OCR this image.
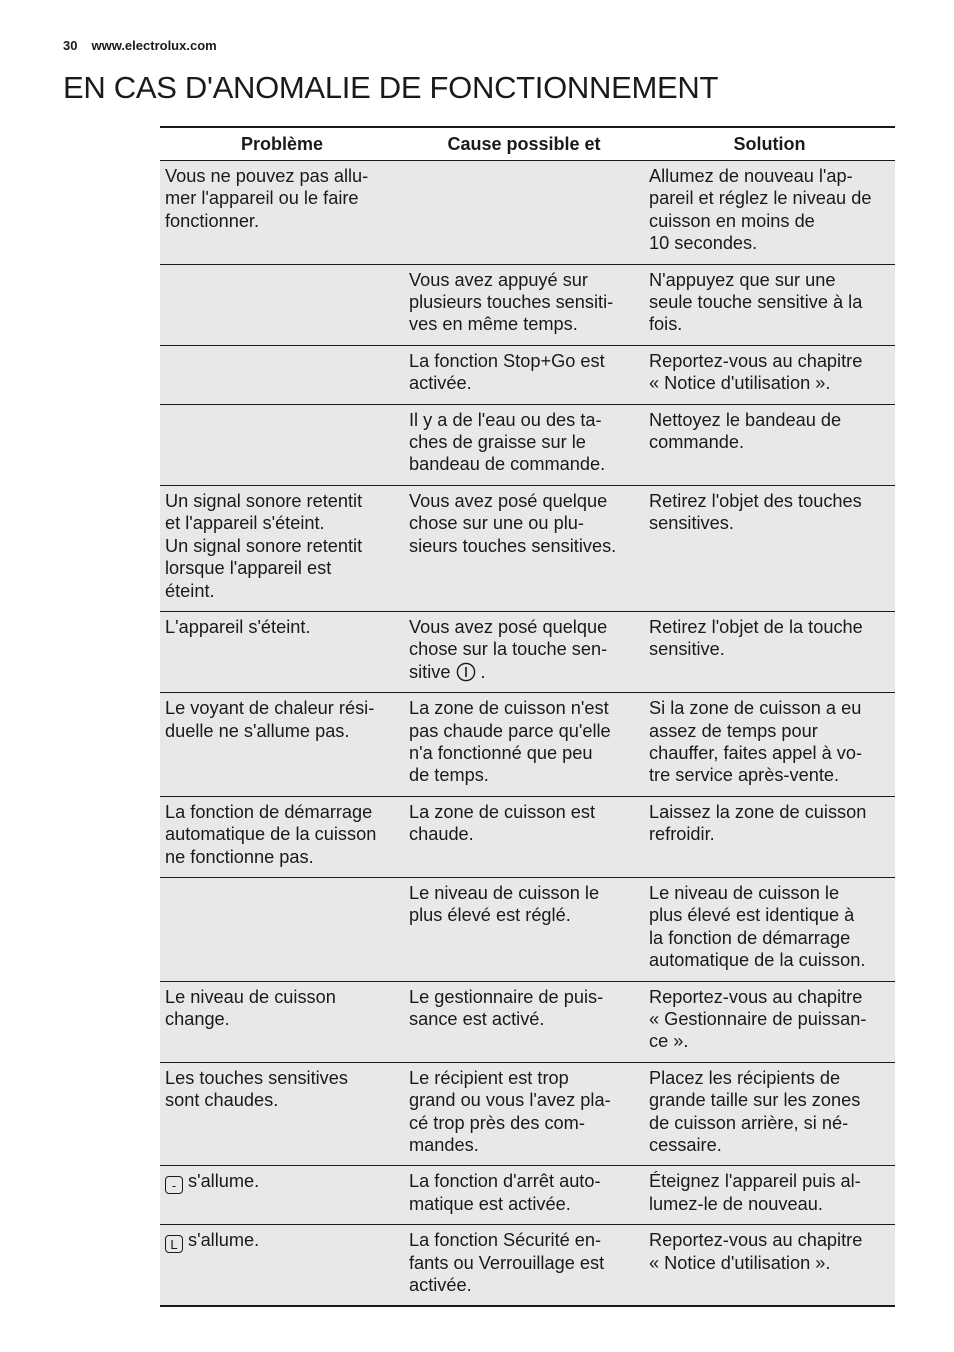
30 www.electrolux.com
EN CAS D'ANOMALIE DE FONCTIONNEMENT
Problème	Cause possible et	Solution
Vous ne pouvez pas allu-
mer l'appareil ou le faire
fonctionner.		Allumez de nouveau l'ap-
pareil et réglez le niveau de
cuisson en moins de
10 secondes.
	Vous avez appuyé sur
plusieurs touches sensiti-
ves en même temps.	N'appuyez que sur une
seule touche sensitive à la
fois.
	La fonction Stop+Go est
activée.	Reportez-vous au chapitre
« Notice d'utilisation ».
	Il y a de l'eau ou des ta-
ches de graisse sur le
bandeau de commande.	Nettoyez le bandeau de
commande.
Un signal sonore retentit
et l'appareil s'éteint.
Un signal sonore retentit
lorsque l'appareil est
éteint.	Vous avez posé quelque
chose sur une ou plu-
sieurs touches sensitives.	Retirez l'objet des touches
sensitives.
L'appareil s'éteint.	Vous avez posé quelque
chose sur la touche sen-
sitive  .	Retirez l'objet de la touche
sensitive.
Le voyant de chaleur rési-
duelle ne s'allume pas.	La zone de cuisson n'est
pas chaude parce qu'elle
n'a fonctionné que peu
de temps.	Si la zone de cuisson a eu
assez de temps pour
chauffer, faites appel à vo-
tre service après-vente.
La fonction de démarrage
automatique de la cuisson
ne fonctionne pas.	La zone de cuisson est
chaude.	Laissez la zone de cuisson
refroidir.
	Le niveau de cuisson le
plus élevé est réglé.	Le niveau de cuisson le
plus élevé est identique à
la fonction de démarrage
automatique de la cuisson.
Le niveau de cuisson
change.	Le gestionnaire de puis-
sance est activé.	Reportez-vous au chapitre
« Gestionnaire de puissan-
ce ».
Les touches sensitives
sont chaudes.	Le récipient est trop
grand ou vous l'avez pla-
cé trop près des com-
mandes.	Placez les récipients de
grande taille sur les zones
de cuisson arrière, si né-
cessaire.
- s'allume.	La fonction d'arrêt auto-
matique est activée.	Éteignez l'appareil puis al-
lumez-le de nouveau.
L s'allume.	La fonction Sécurité en-
fants ou Verrouillage est
activée.	Reportez-vous au chapitre
« Notice d'utilisation ».
